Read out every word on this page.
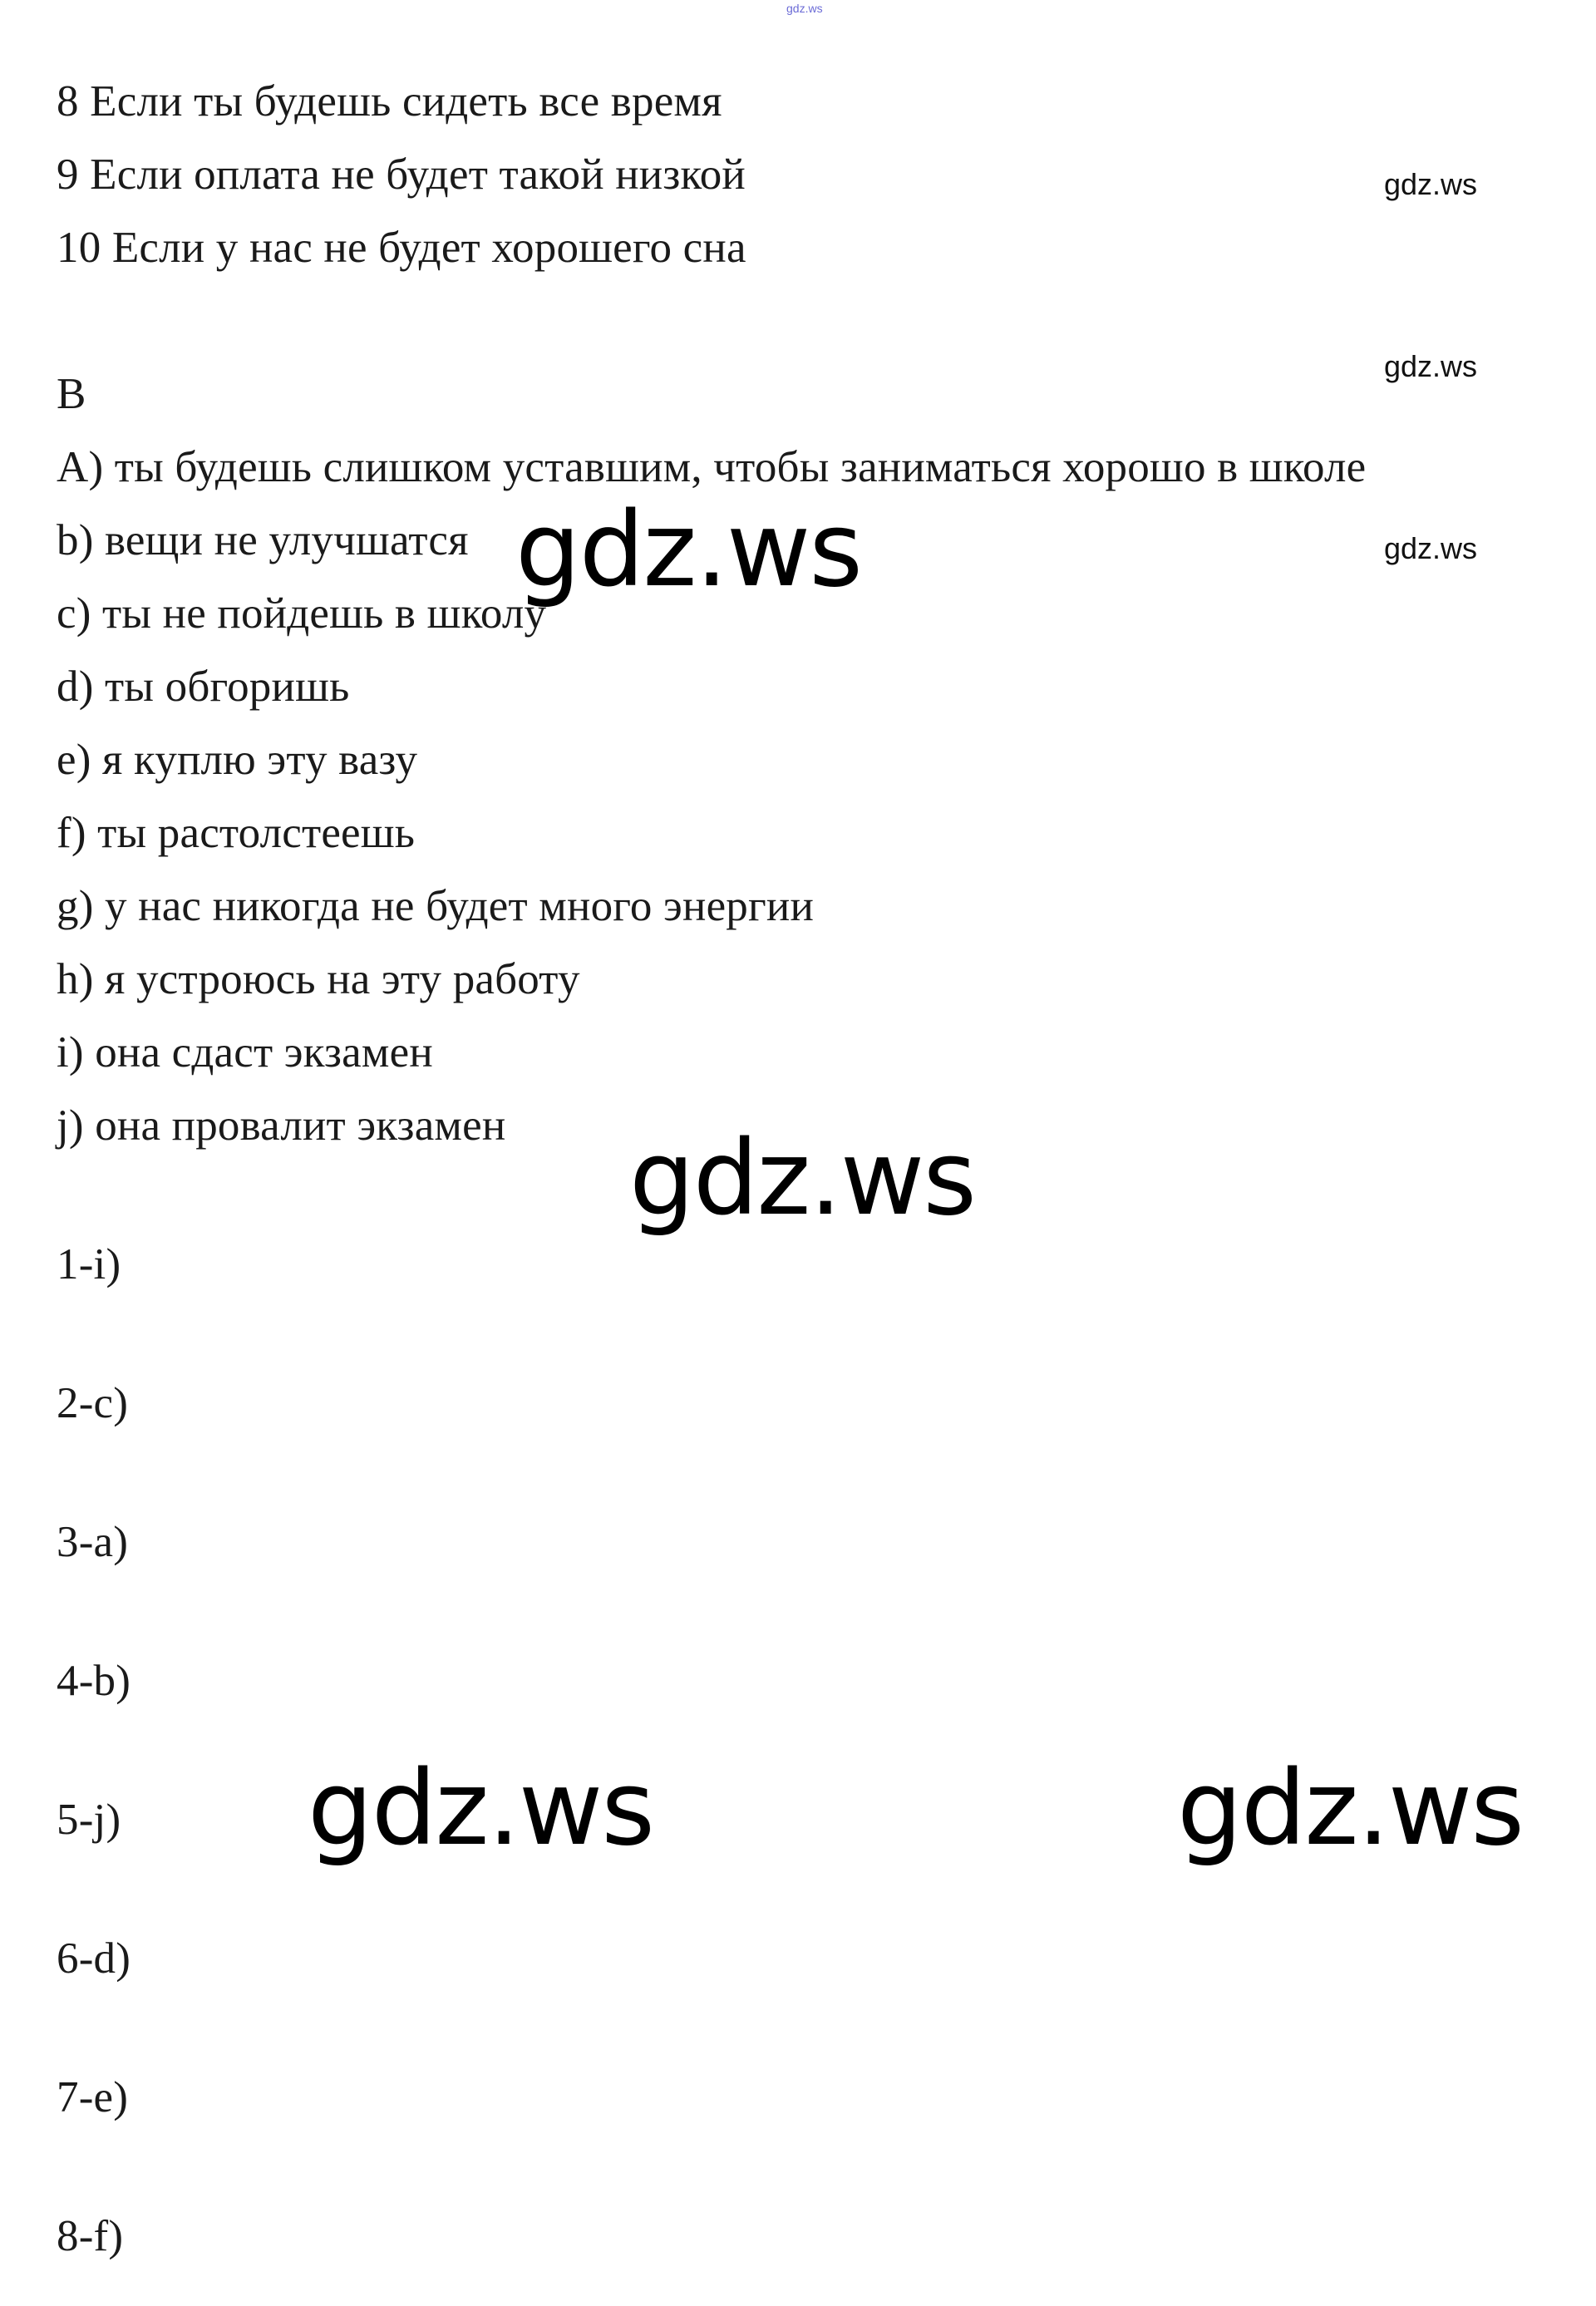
gdz.ws
8 Если ты будешь сидеть все время
9 Если оплата не будет такой низкой
10 Если у нас не будет хорошего сна
B
A) ты будешь слишком уставшим, чтобы заниматься хорошо в школе
b) вещи не улучшатся
c) ты не пойдешь в школу
d) ты обгоришь
e) я куплю эту вазу
f) ты растолстеешь
g) у нас никогда не будет много энергии
h) я устроюсь на эту работу
i) она сдаст экзамен
j) она провалит экзамен
1-i)
2-c)
3-a)
4-b)
5-j)
6-d)
7-e)
8-f)
gdz.ws
gdz.ws
gdz.ws
gdz.ws
gdz.ws
gdz.ws	gdz.ws
